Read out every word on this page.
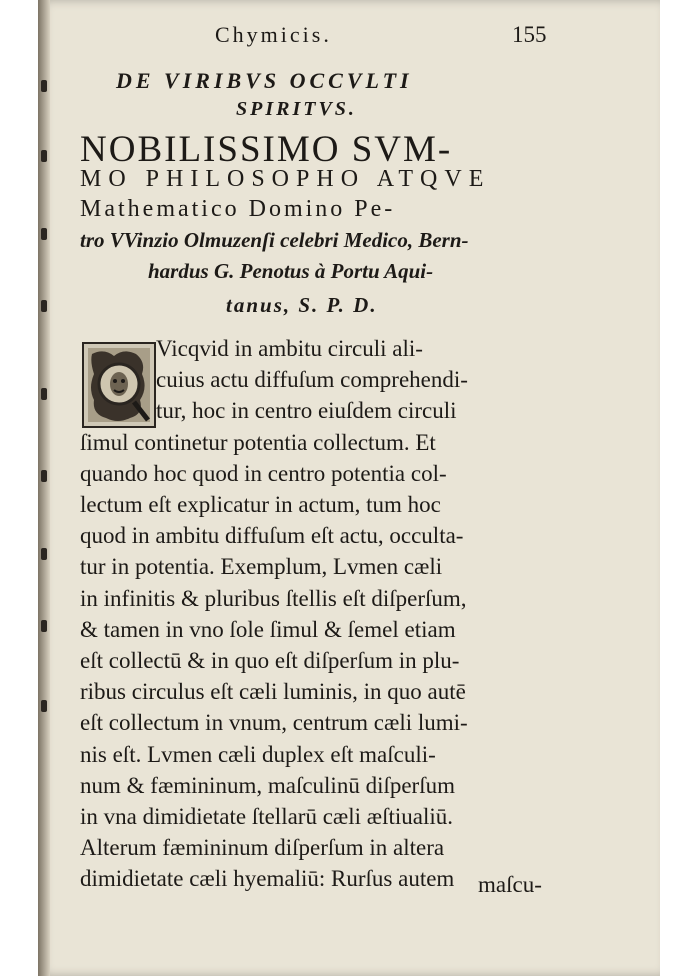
Chymicis.	155
DE VIRIBVS OCCVLTI
SPIRITVS.
NOBILISSIMO SVM-
MO PHILOSOPHO ATQVE
Mathematico Domino Pe-
tro VVinzio Olmuzenſi celebri Medico, Bern-
hardus G. Penotus à Portu Aqui-
tanus, S. P. D.
Vicqvid in ambitu circuli ali-
cuius actu diffuſum comprehendi-
tur, hoc in centro eiuſdem circuli
ſimul continetur potentia collectum. Et
quando hoc quod in centro potentia col-
lectum eſt explicatur in actum, tum hoc
quod in ambitu diffuſum eſt actu, occulta-
tur in potentia. Exemplum, Lvmen cæli
in infinitis & pluribus ſtellis eſt diſperſum,
& tamen in vno ſole ſimul & ſemel etiam
eſt collectū & in quo eſt diſperſum in plu-
ribus circulus eſt cæli luminis, in quo autē
eſt collectum in vnum, centrum cæli lumi-
nis eſt. Lvmen cæli duplex eſt maſculi-
num & fæmininum, maſculinū diſperſum
in vna dimidietate ſtellarū cæli æſtiualiū.
Alterum fæmininum diſperſum in altera
dimidietate cæli hyemaliū: Rurſus autem maſcu-
